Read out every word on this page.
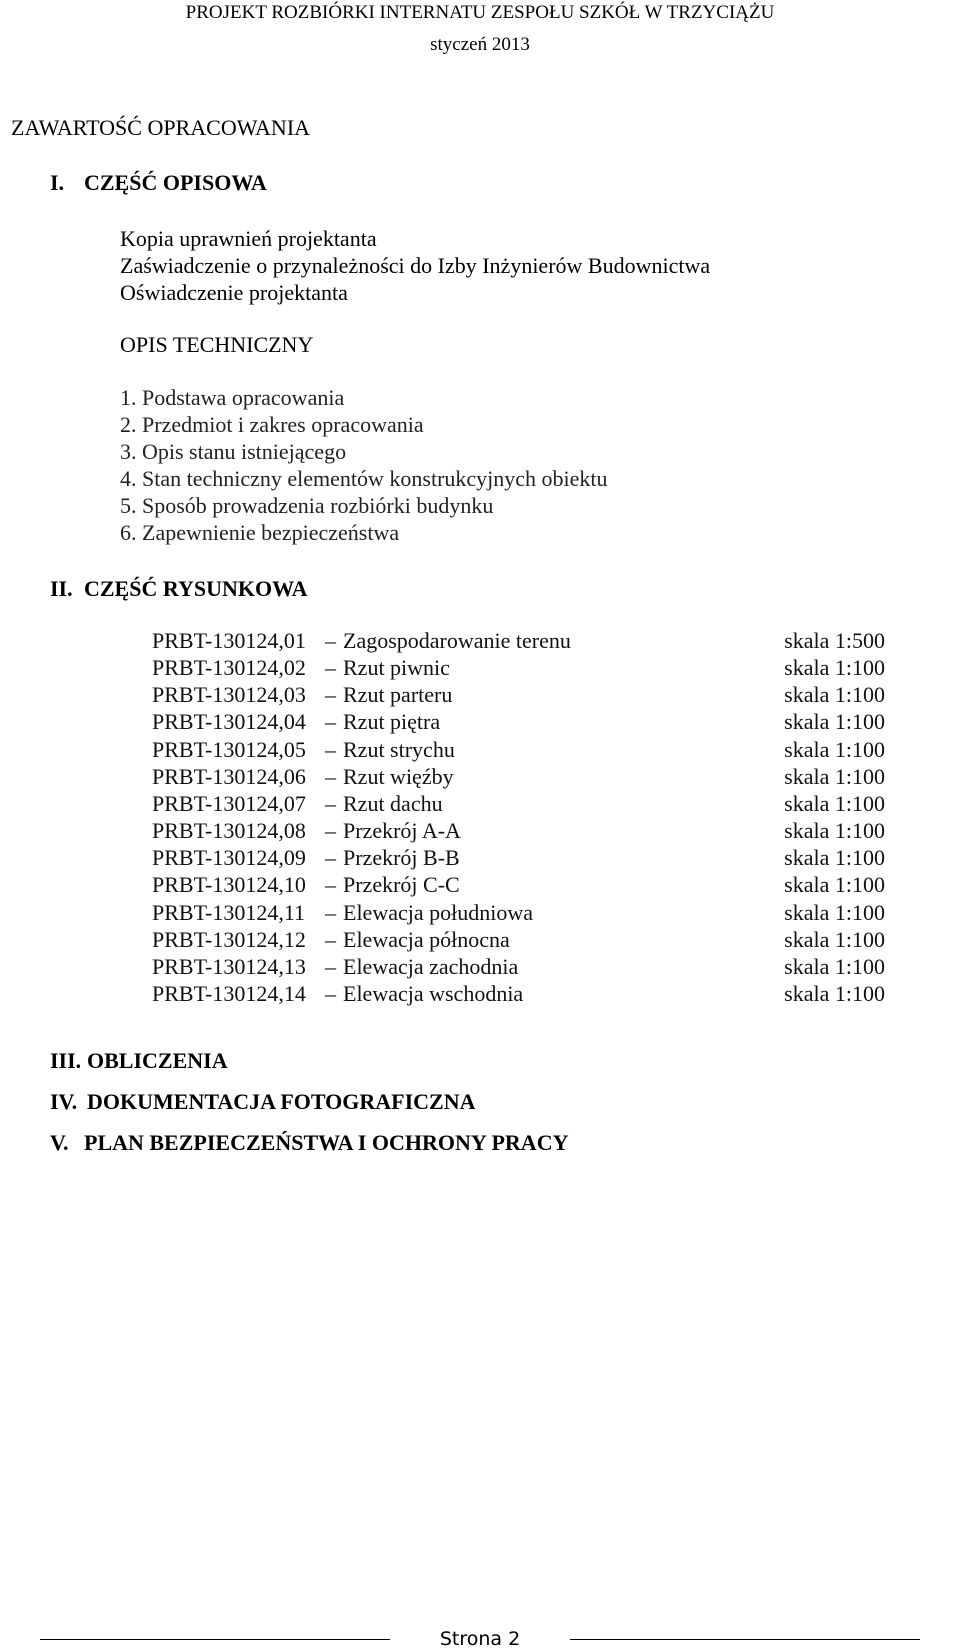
PROJEKT ROZBIÓRKI INTERNATU ZESPOŁU SZKÓŁ W TRZYCIĄŻU
styczeń 2013
ZAWARTOŚĆ OPRACOWANIA
I. CZĘŚĆ OPISOWA
Kopia uprawnień projektanta
Zaświadczenie o przynależności do Izby Inżynierów Budownictwa
Oświadczenie projektanta
OPIS TECHNICZNY
1. Podstawa opracowania
2. Przedmiot i zakres opracowania
3. Opis stanu istniejącego
4. Stan techniczny elementów konstrukcyjnych obiektu
5. Sposób prowadzenia rozbiórki budynku
6. Zapewnienie bezpieczeństwa
II. CZĘŚĆ RYSUNKOWA
PRBT-130124,01 – Zagospodarowanie terenu	skala 1:500
PRBT-130124,02 – Rzut piwnic	skala 1:100
PRBT-130124,03 – Rzut parteru	skala 1:100
PRBT-130124,04 – Rzut piętra	skala 1:100
PRBT-130124,05 – Rzut strychu	skala 1:100
PRBT-130124,06 – Rzut więźby	skala 1:100
PRBT-130124,07 – Rzut dachu	skala 1:100
PRBT-130124,08 – Przekrój A-A	skala 1:100
PRBT-130124,09 – Przekrój B-B	skala 1:100
PRBT-130124,10 – Przekrój C-C	skala 1:100
PRBT-130124,11 – Elewacja południowa	skala 1:100
PRBT-130124,12 – Elewacja północna	skala 1:100
PRBT-130124,13 – Elewacja zachodnia	skala 1:100
PRBT-130124,14 – Elewacja wschodnia	skala 1:100
III. OBLICZENIA
IV. DOKUMENTACJA FOTOGRAFICZNA
V. PLAN BEZPIECZEŃSTWA I OCHRONY PRACY
Strona 2
